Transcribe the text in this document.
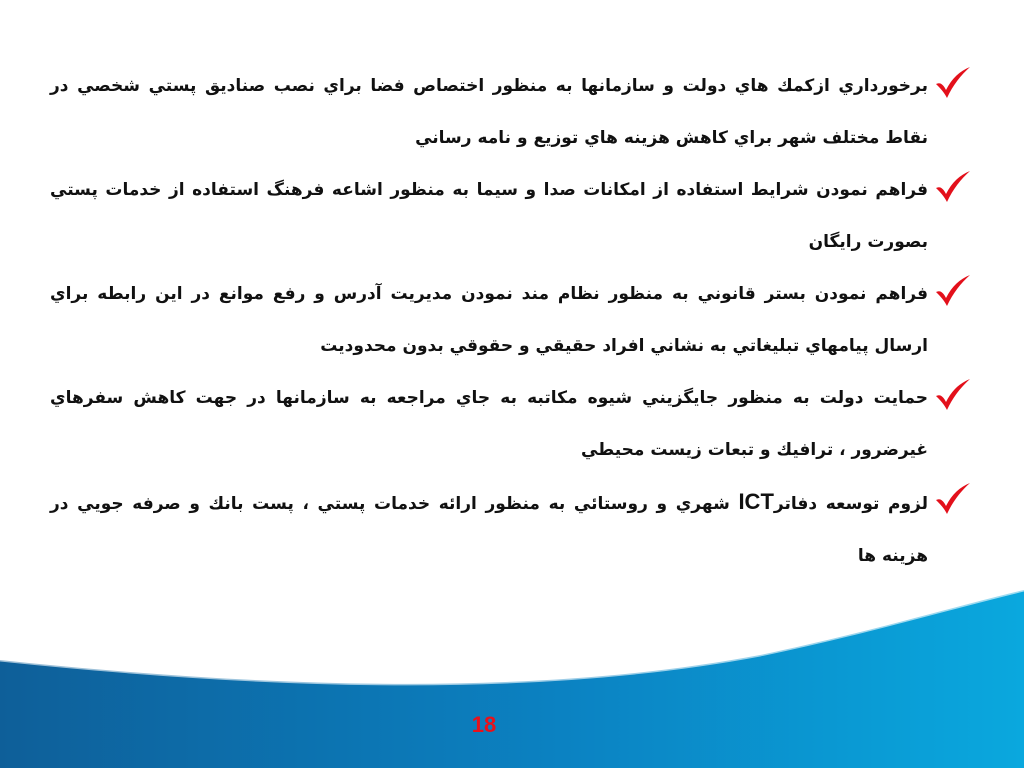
برخورداري ازكمك هاي دولت و سازمانها به منظور اختصاص فضا براي نصب صناديق پستي شخصي در نقاط مختلف شهر براي كاهش هزينه هاي توزيع و نامه رساني
فراهم نمودن شرايط استفاده از امكانات صدا و سيما به منظور اشاعه فرهنگ استفاده از خدمات پستي بصورت رايگان
فراهم نمودن بستر قانوني به منظور نظام مند نمودن مديريت آدرس و رفع موانع در اين رابطه براي ارسال پيامهاي تبليغاتي به نشاني افراد حقيقي و حقوقي بدون محدوديت
حمايت دولت به منظور جايگزيني شيوه مكاتبه به جاي مراجعه به سازمانها در جهت كاهش سفرهاي غيرضرور ، ترافيك و تبعات زيست محيطي
لزوم توسعه دفاترICT شهري و روستائي به منظور ارائه خدمات پستي ، پست بانك و صرفه جويي در هزينه ها
18
